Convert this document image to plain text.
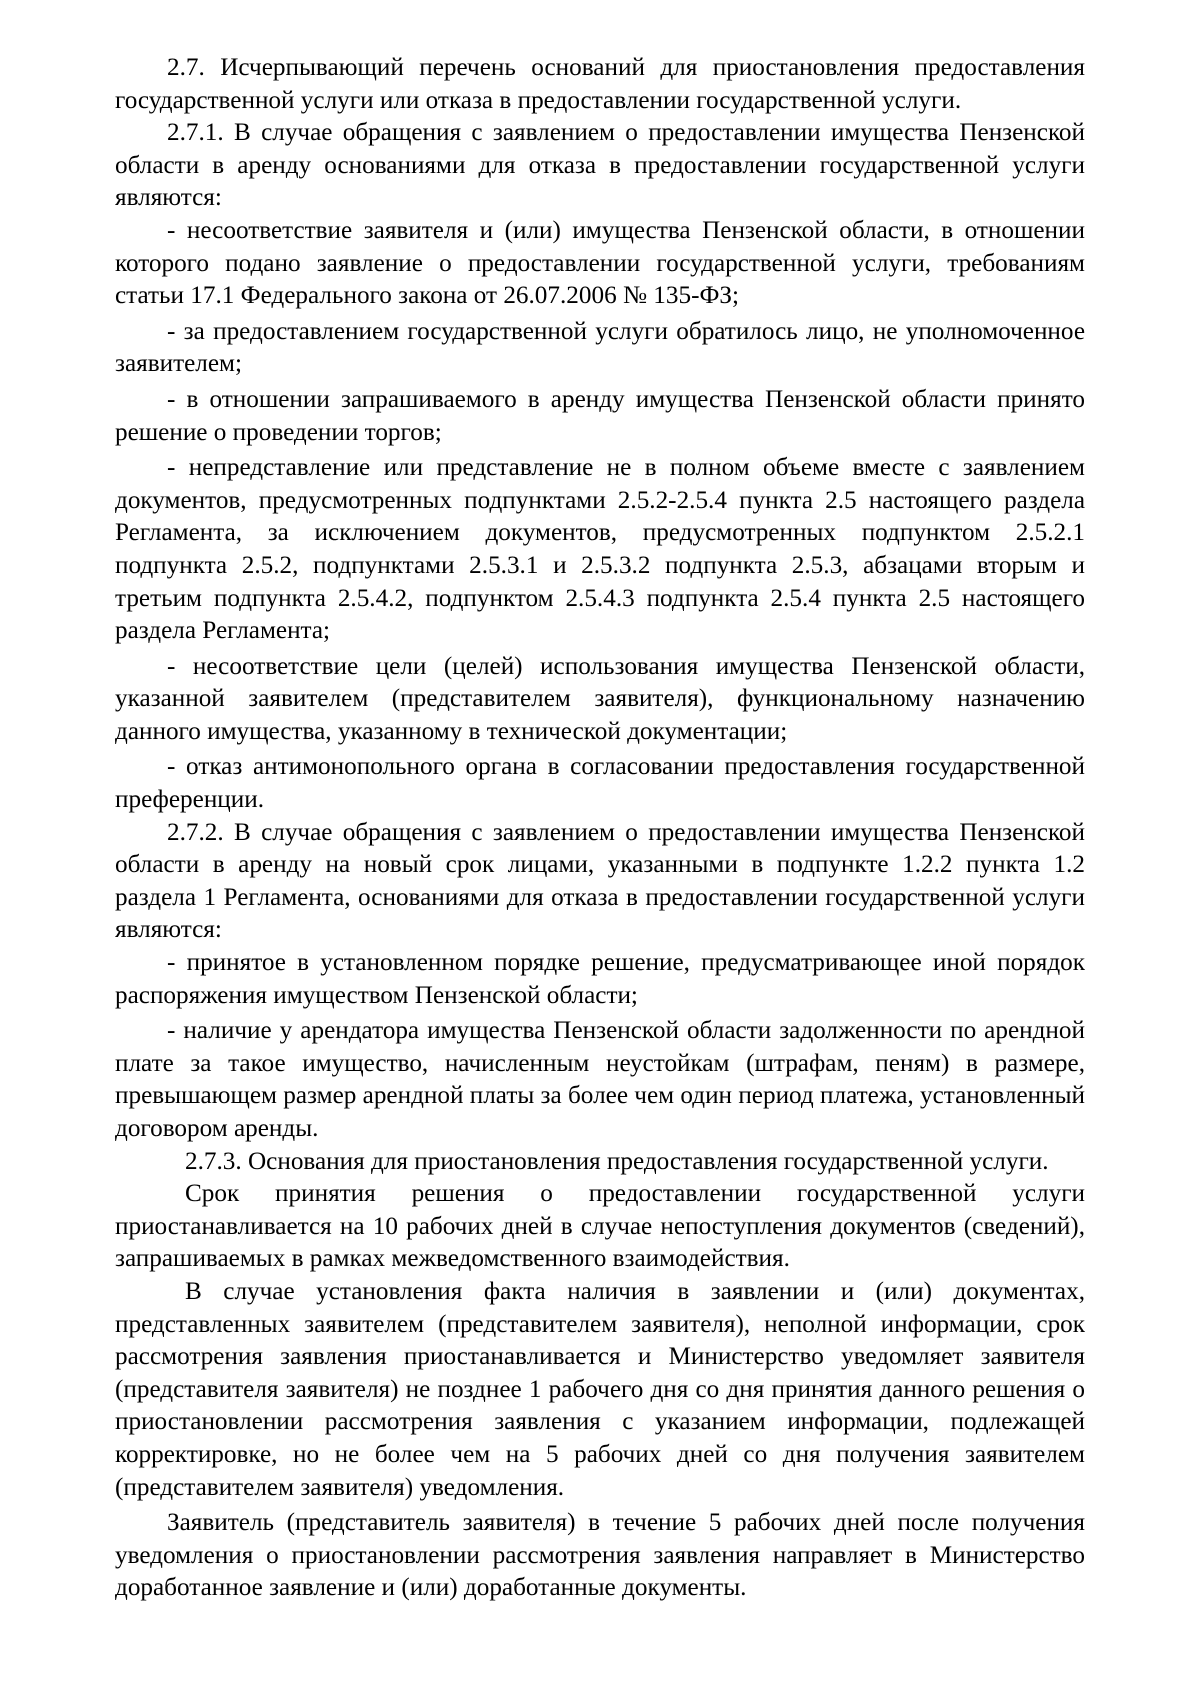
2.7. Исчерпывающий перечень оснований для приостановления предоставления государственной услуги или отказа в предоставлении государственной услуги.

2.7.1. В случае обращения с заявлением о предоставлении имущества Пензенской области в аренду основаниями для отказа в предоставлении государственной услуги являются:

- несоответствие заявителя и (или) имущества Пензенской области, в отношении которого подано заявление о предоставлении государственной услуги, требованиям статьи 17.1 Федерального закона от 26.07.2006 № 135-ФЗ;

- за предоставлением государственной услуги обратилось лицо, не уполномоченное заявителем;

- в отношении запрашиваемого в аренду имущества Пензенской области принято решение о проведении торгов;

- непредставление или представление не в полном объеме вместе с заявлением документов, предусмотренных подпунктами 2.5.2-2.5.4 пункта 2.5 настоящего раздела Регламента, за исключением документов, предусмотренных подпунктом 2.5.2.1 подпункта 2.5.2, подпунктами 2.5.3.1 и 2.5.3.2 подпункта 2.5.3, абзацами вторым и третьим подпункта 2.5.4.2, подпунктом 2.5.4.3 подпункта 2.5.4 пункта 2.5 настоящего раздела Регламента;

- несоответствие цели (целей) использования имущества Пензенской области, указанной заявителем (представителем заявителя), функциональному назначению данного имущества, указанному в технической документации;

- отказ антимонопольного органа в согласовании предоставления государственной преференции.

2.7.2. В случае обращения с заявлением о предоставлении имущества Пензенской области в аренду на новый срок лицами, указанными в подпункте 1.2.2 пункта 1.2 раздела 1 Регламента, основаниями для отказа в предоставлении государственной услуги являются:

- принятое в установленном порядке решение, предусматривающее иной порядок распоряжения имуществом Пензенской области;

- наличие у арендатора имущества Пензенской области задолженности по арендной плате за такое имущество, начисленным неустойкам (штрафам, пеням) в размере, превышающем размер арендной платы за более чем один период платежа, установленный договором аренды.

2.7.3. Основания для приостановления предоставления государственной услуги.

Срок принятия решения о предоставлении государственной услуги приостанавливается на 10 рабочих дней в случае непоступления документов (сведений), запрашиваемых в рамках межведомственного взаимодействия.

В случае установления факта наличия в заявлении и (или) документах, представленных заявителем (представителем заявителя), неполной информации, срок рассмотрения заявления приостанавливается и Министерство уведомляет заявителя (представителя заявителя) не позднее 1 рабочего дня со дня принятия данного решения о приостановлении рассмотрения заявления с указанием информации, подлежащей корректировке, но не более чем на 5 рабочих дней со дня получения заявителем (представителем заявителя) уведомления.

Заявитель (представитель заявителя) в течение 5 рабочих дней после получения уведомления о приостановлении рассмотрения заявления направляет в Министерство доработанное заявление и (или) доработанные документы.
